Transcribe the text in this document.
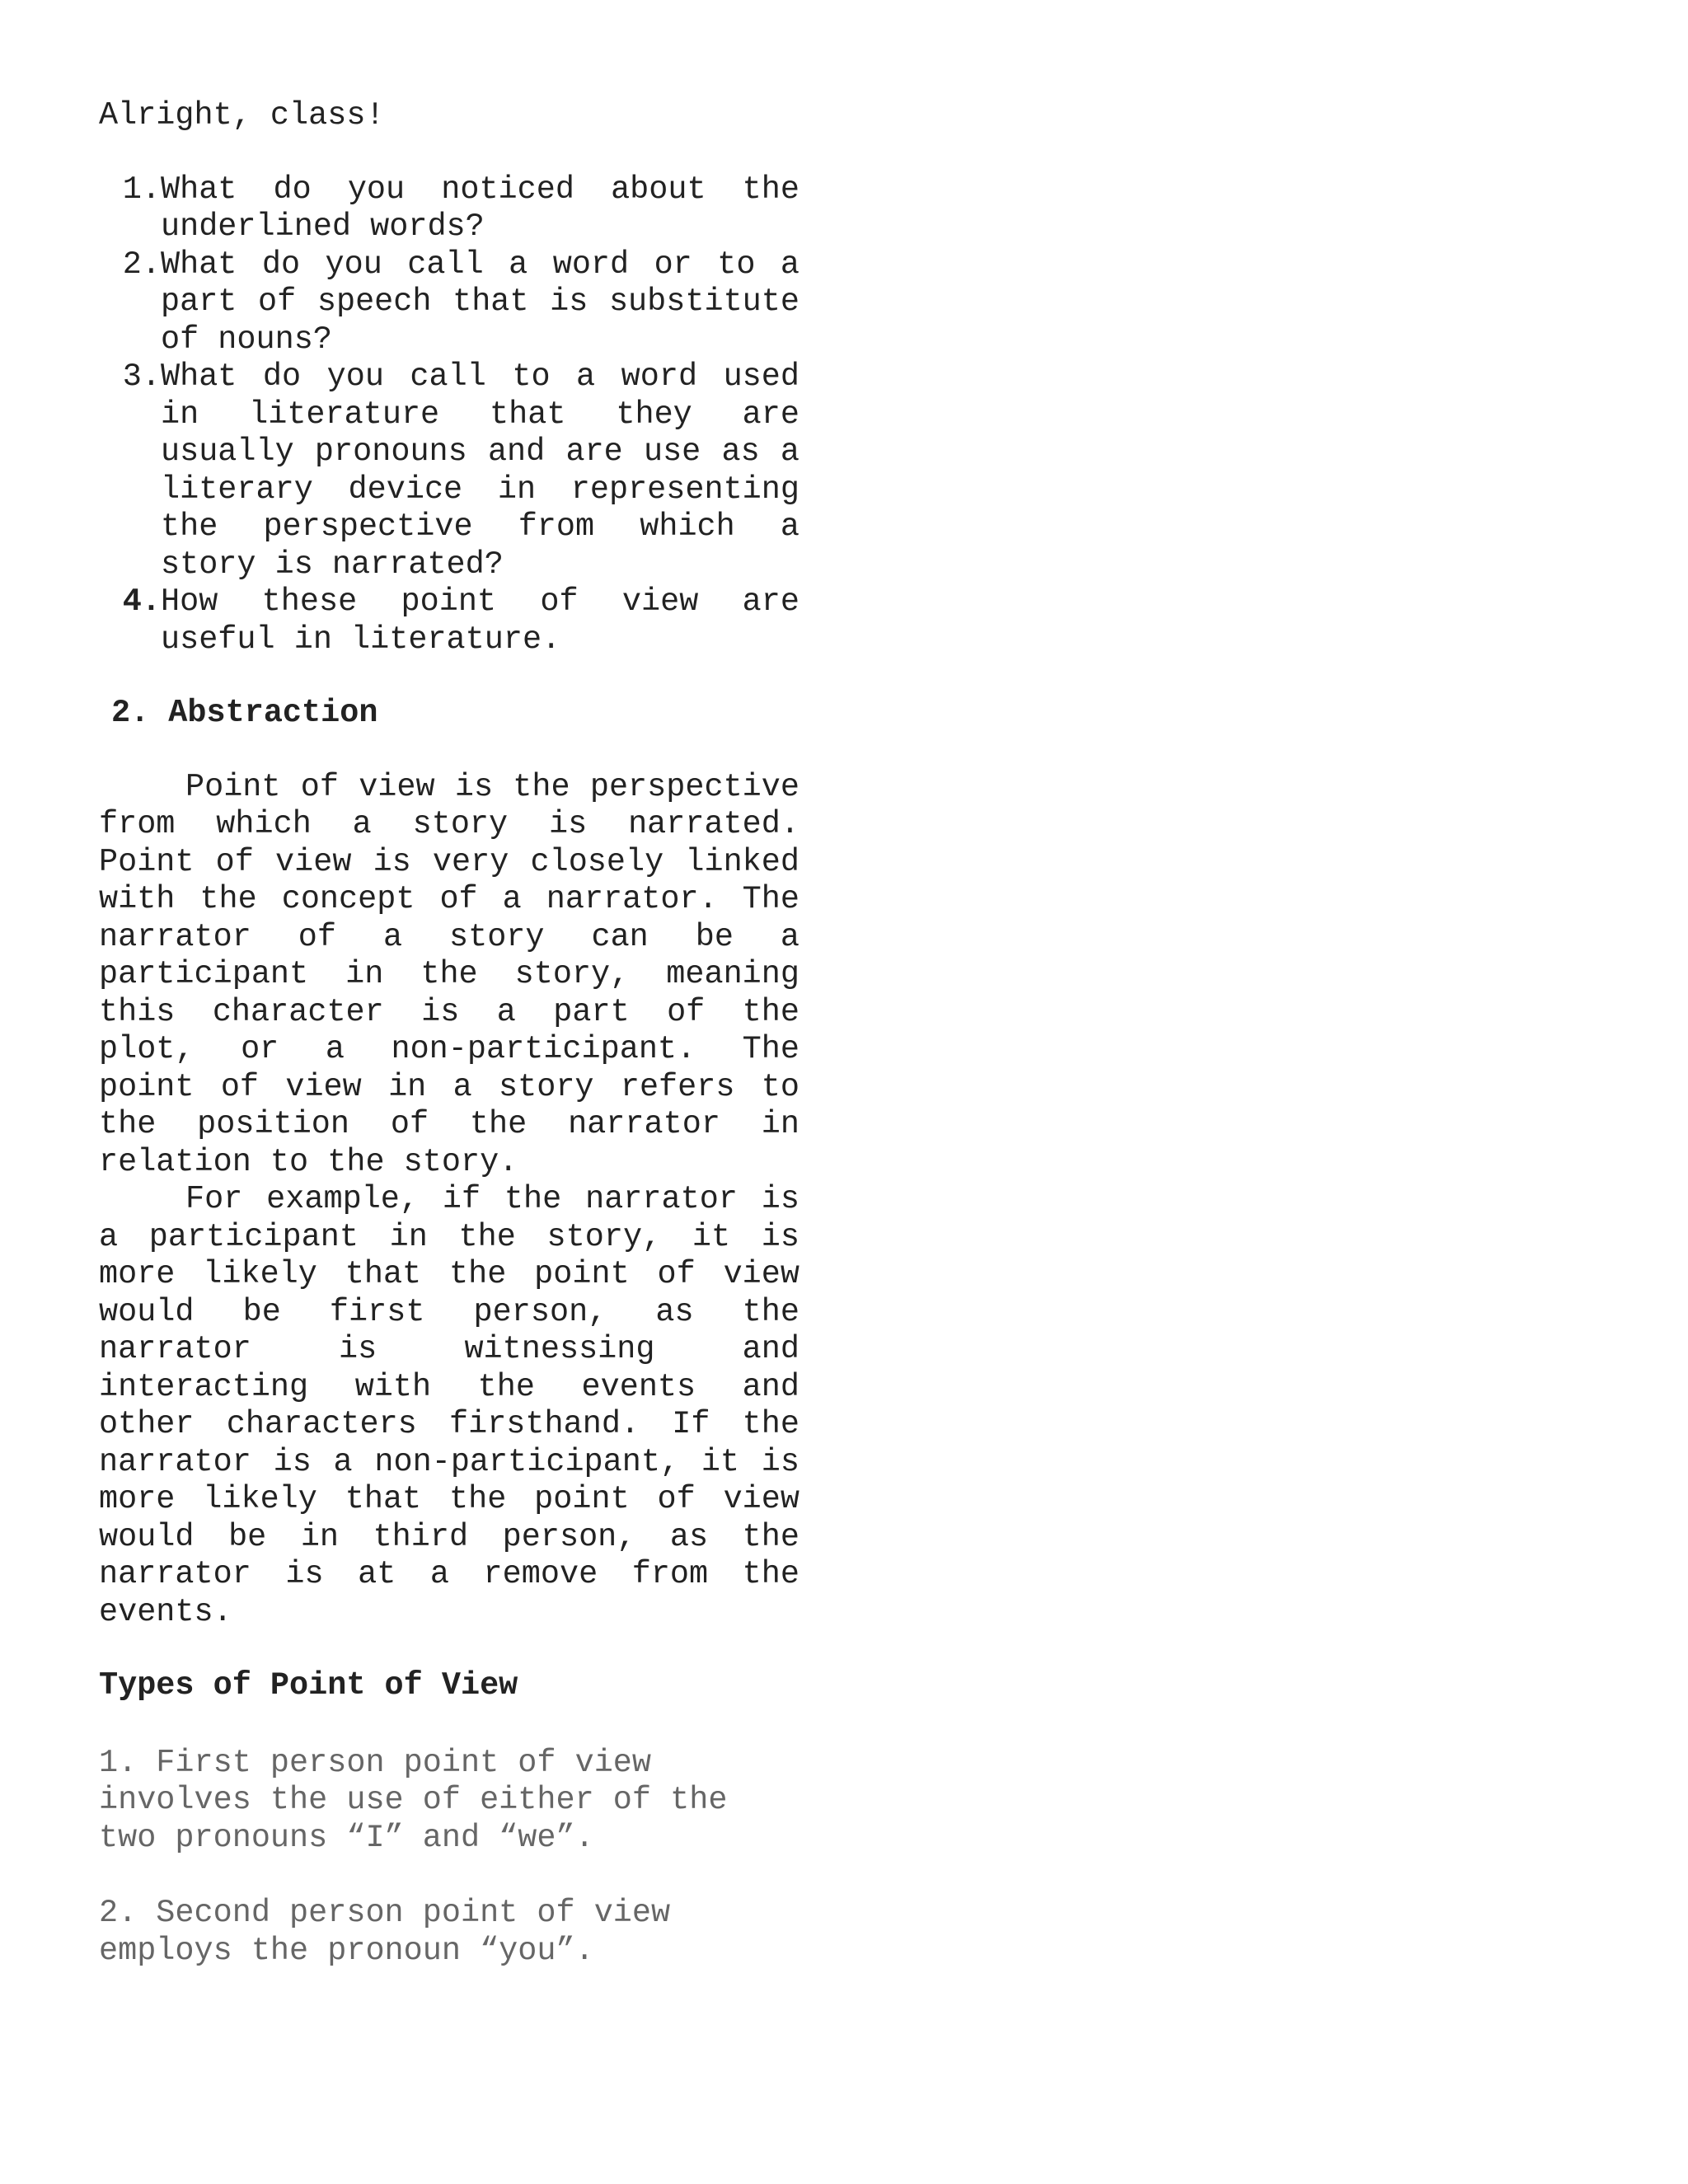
Alright, class!

1. What do you noticed about the underlined words?
2. What do you call a word or to a part of speech that is substitute of nouns?
3. What do you call to a word used in literature that they are usually pronouns and are use as a literary device in representing the perspective from which a story is narrated?
4. How these point of view are useful in literature.
2. Abstraction

Point of view is the perspective from which a story is narrated. Point of view is very closely linked with the concept of a narrator. The narrator of a story can be a participant in the story, meaning this character is a part of the plot, or a non-participant. The point of view in a story refers to the position of the narrator in relation to the story.

For example, if the narrator is a participant in the story, it is more likely that the point of view would be first person, as the narrator is witnessing and interacting with the events and other characters firsthand. If the narrator is a non-participant, it is more likely that the point of view would be in third person, as the narrator is at a remove from the events.

Types of Point of View

1. First person point of view involves the use of either of the two pronouns “I” and “we”.

2. Second person point of view employs the pronoun “you”.
